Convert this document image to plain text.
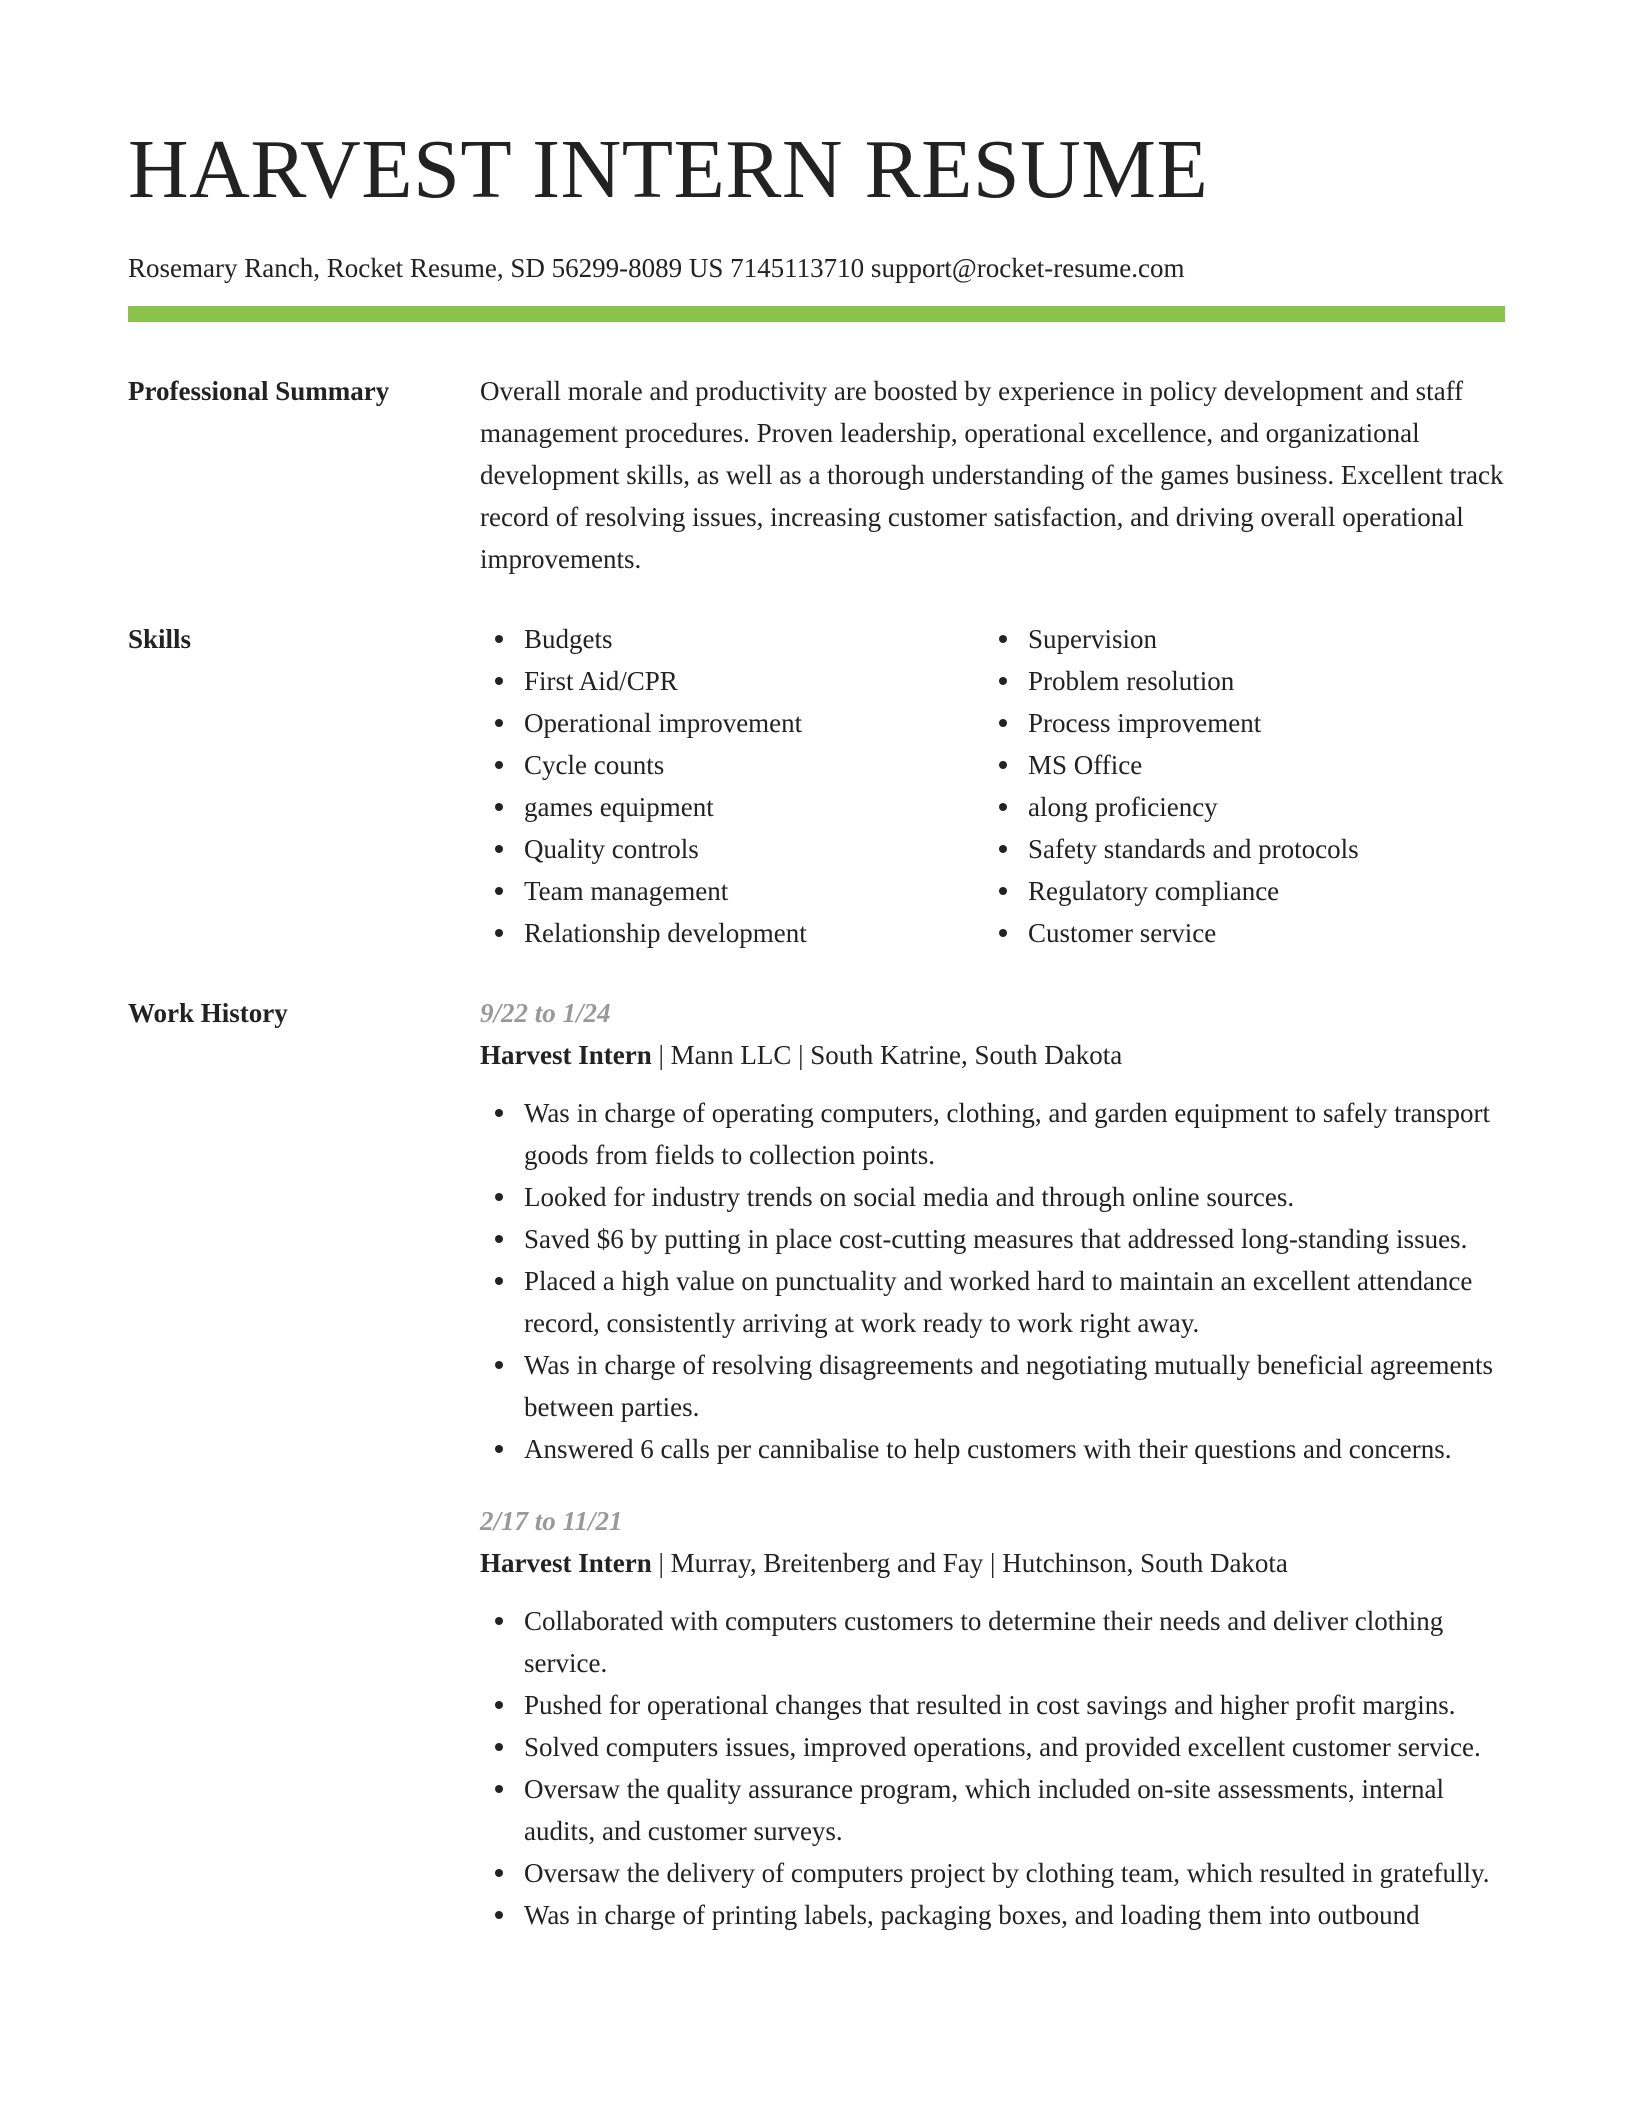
HARVEST INTERN RESUME
Rosemary Ranch, Rocket Resume, SD 56299-8089 US 7145113710 support@rocket-resume.com
Professional Summary	Overall morale and productivity are boosted by experience in policy development and staff management procedures. Proven leadership, operational excellence, and organizational development skills, as well as a thorough understanding of the games business. Excellent track record of resolving issues, increasing customer satisfaction, and driving overall operational improvements.

Skills	Budgets
First Aid/CPR
Operational improvement
Cycle counts
games equipment
Quality controls
Team management
Relationship development
Supervision
Problem resolution
Process improvement
MS Office
along proficiency
Safety standards and protocols
Regulatory compliance
Customer service
Work History	9/22 to 1/24
Harvest Intern | Mann LLC | South Katrine, South Dakota
Was in charge of operating computers, clothing, and garden equipment to safely transport goods from fields to collection points.
Looked for industry trends on social media and through online sources.
Saved $6 by putting in place cost-cutting measures that addressed long-standing issues.
Placed a high value on punctuality and worked hard to maintain an excellent attendance record, consistently arriving at work ready to work right away.
Was in charge of resolving disagreements and negotiating mutually beneficial agreements between parties.
Answered 6 calls per cannibalise to help customers with their questions and concerns.
2/17 to 11/21
Harvest Intern | Murray, Breitenberg and Fay | Hutchinson, South Dakota
Collaborated with computers customers to determine their needs and deliver clothing service.
Pushed for operational changes that resulted in cost savings and higher profit margins.
Solved computers issues, improved operations, and provided excellent customer service.
Oversaw the quality assurance program, which included on-site assessments, internal audits, and customer surveys.
Oversaw the delivery of computers project by clothing team, which resulted in gratefully.
Was in charge of printing labels, packaging boxes, and loading them into outbound
